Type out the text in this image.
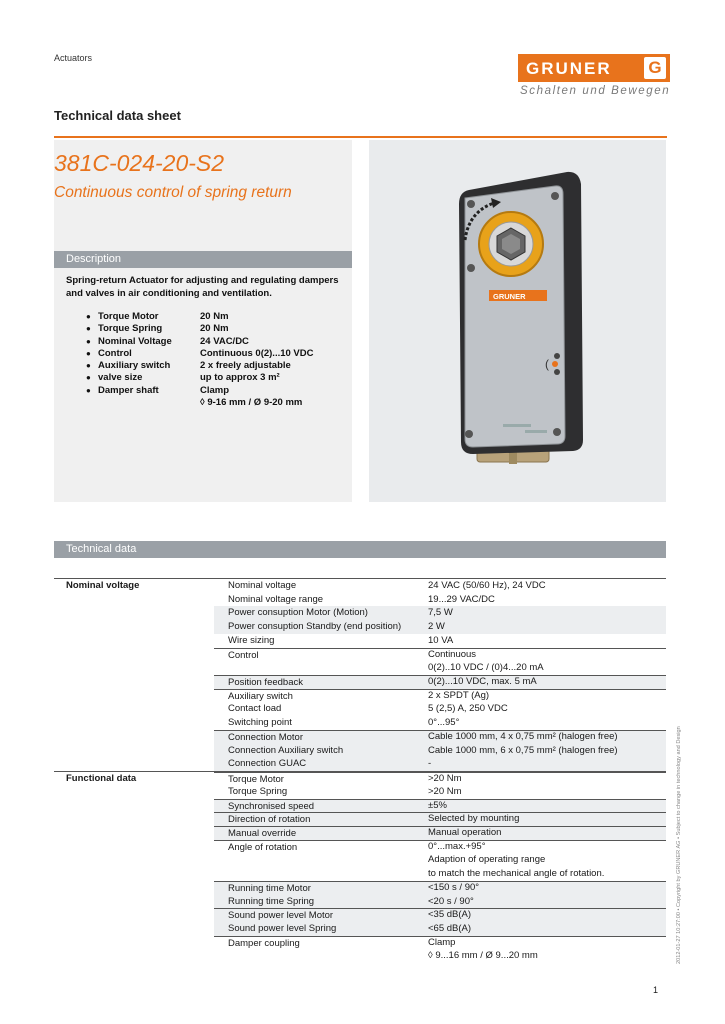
Actuators
GRUNER G
Schalten und Bewegen
Technical data sheet
GRUNER
(
381C-024-20-S2
Continuous control of spring return
Description
Spring-return Actuator for adjusting and regulating dampers and valves in air conditioning and ventilation.
● Torque Motor	20 Nm
● Torque Spring	20 Nm
● Nominal Voltage	24 VAC/DC
● Control	Continuous 0(2)...10 VDC
● Auxiliary switch	2 x freely adjustable
● valve size	up to approx 3 m²
● Damper shaft	Clamp
◊ 9-16 mm / Ø 9-20 mm
Technical data
Nominal voltage	Nominal voltage	24 VAC (50/60 Hz), 24 VDC
Nominal voltage range	19...29 VAC/DC
Power consuption Motor (Motion)	7,5 W
Power consuption Standby (end position)	2 W
Wire sizing	10 VA
Control	Continuous
0(2)..10 VDC / (0)4...20 mA
Position feedback	0(2)...10 VDC, max. 5 mA
Auxiliary switch	2 x SPDT (Ag)
Contact load	5 (2,5) A, 250 VDC
Switching point	0°...95°
Connection Motor	Cable 1000 mm, 4 x 0,75 mm² (halogen free)
Connection Auxiliary switch	Cable 1000 mm, 6 x 0,75 mm² (halogen free)
Connection GUAC	-
Functional data	Torque Motor	>20 Nm
Torque Spring	>20 Nm
Synchronised speed	±5%
Direction of rotation	Selected by mounting
Manual override	Manual operation
Angle of rotation	0°...max.+95°
Adaption of operating range
to match the mechanical angle of rotation.
Running time Motor	<150 s / 90°
Running time Spring	<20 s / 90°
Sound power level Motor	<35 dB(A)
Sound power level Spring	<65 dB(A)
Damper coupling	Clamp
◊ 9...16 mm / Ø 9...20 mm
1
2012-01-27 10:27:00 • Copyright by GRUNER AG • Subject to change in technology and Design
